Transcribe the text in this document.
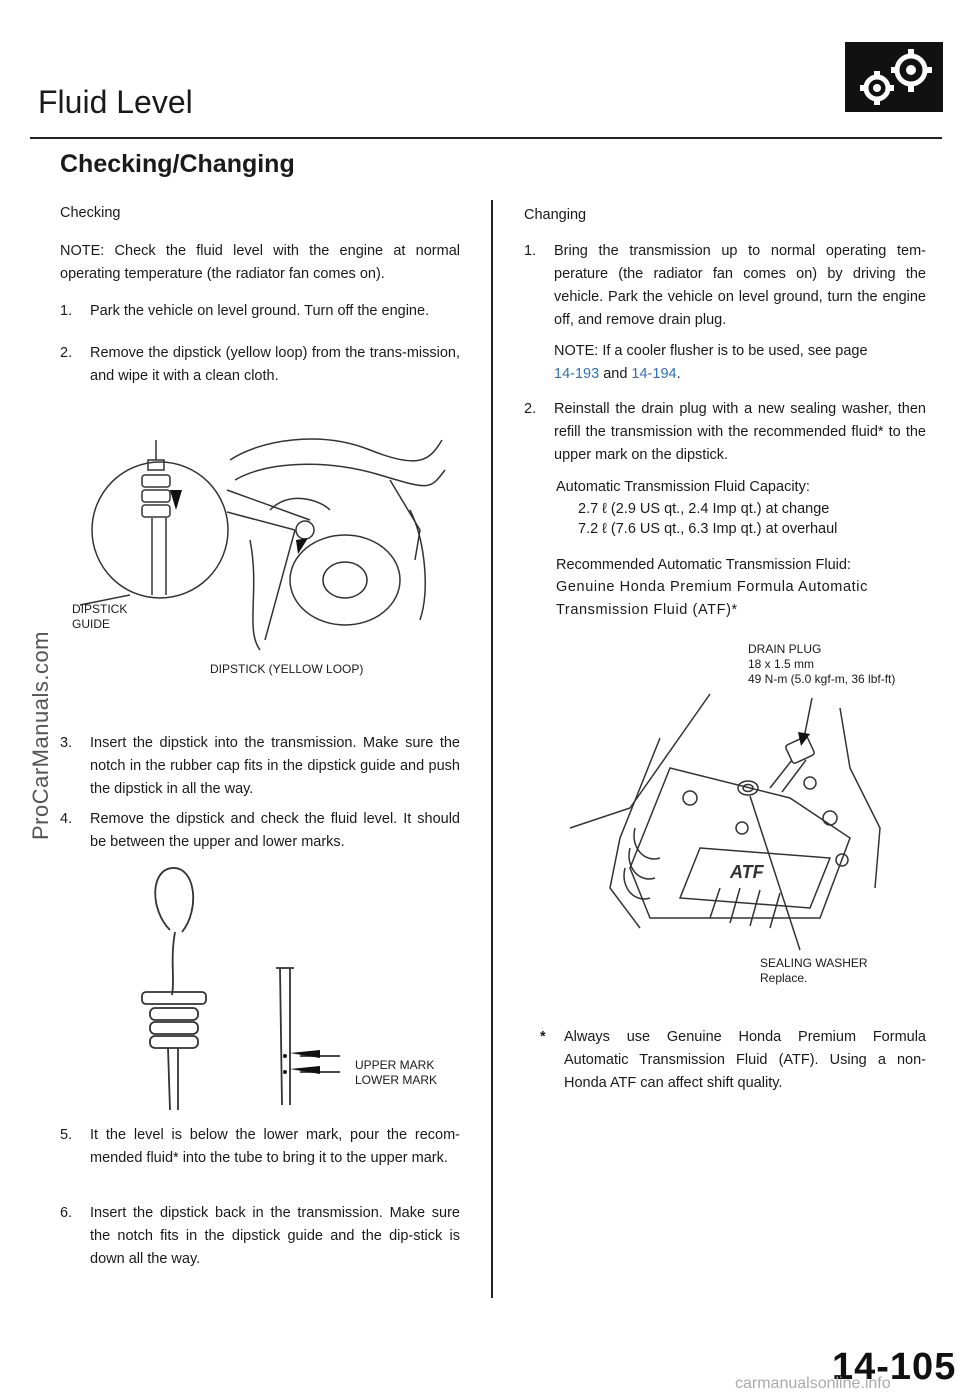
Fluid Level
Checking/Changing
Checking
NOTE: Check the fluid level with the engine at normal operating temperature (the radiator fan comes on).
1.	Park the vehicle on level ground. Turn off the engine.
2.	Remove the dipstick (yellow loop) from the trans-mission, and wipe it with a clean cloth.
DIPSTICK
GUIDE
DIPSTICK (YELLOW LOOP)
3.	Insert the dipstick into the transmission. Make sure the notch in the rubber cap fits in the dipstick guide and push the dipstick in all the way.
4.	Remove the dipstick and check the fluid level. It should be between the upper and lower marks.
UPPER MARK
LOWER MARK
5.	It the level is below the lower mark, pour the recom-mended fluid* into the tube to bring it to the upper mark.
6.	Insert the dipstick back in the transmission. Make sure the notch fits in the dipstick guide and the dip-stick is down all the way.
Changing
1.	Bring the transmission up to normal operating tem-perature (the radiator fan comes on) by driving the vehicle. Park the vehicle on level ground, turn the engine off, and remove drain plug.
NOTE: If a cooler flusher is to be used, see page
14-193 and 14-194.
2.	Reinstall the drain plug with a new sealing washer, then refill the transmission with the recommended fluid* to the upper mark on the dipstick.
Automatic Transmission Fluid Capacity:
2.7 ℓ (2.9 US qt., 2.4 Imp qt.) at change
7.2 ℓ (7.6 US qt., 6.3 Imp qt.) at overhaul
Recommended Automatic Transmission Fluid:
Genuine Honda Premium Formula Automatic Transmission Fluid (ATF)*
DRAIN PLUG
18 x 1.5 mm
49 N-m (5.0 kgf-m, 36 lbf-ft)
ATF
SEALING WASHER
Replace.
*	Always use Genuine Honda Premium Formula Automatic Transmission Fluid (ATF). Using a non-Honda ATF can affect shift quality.
ProCarManuals.com
14-105
carmanualsonline.info
